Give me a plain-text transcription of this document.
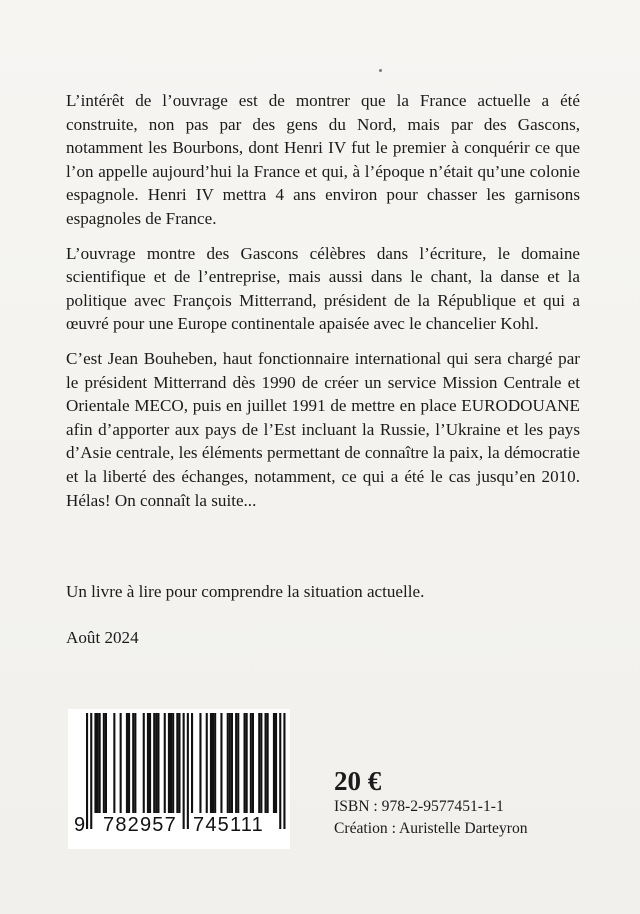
L’intérêt de l’ouvrage est de montrer que la France actuelle a été construite, non pas par des gens du Nord, mais par des Gascons, notamment les Bourbons, dont Henri IV fut le premier à conquérir ce que l’on appelle aujourd’hui la France et qui, à l’époque n’était qu’une colonie espagnole. Henri IV mettra 4 ans environ pour chasser les garnisons espagnoles de France.

L’ouvrage montre des Gascons célèbres dans l’écriture, le domaine scientifique et de l’entreprise, mais aussi dans le chant, la danse et la politique avec François Mitterrand, président de la République et qui a œuvré pour une Europe continentale apaisée avec le chancelier Kohl.

C’est Jean Bouheben, haut fonctionnaire international qui sera chargé par le président Mitterrand dès 1990 de créer un service Mission Centrale et Orientale MECO, puis en juillet 1991 de mettre en place EURODOUANE afin d’apporter aux pays de l’Est incluant la Russie, l’Ukraine et les pays d’Asie centrale, les éléments permettant de connaître la paix, la démocratie et la liberté des échanges, notamment, ce qui a été le cas jusqu’en 2010. Hélas! On connaît la suite...

Un livre à lire pour comprendre la situation actuelle.

Août 2024

9 782957 745111

20 €

ISBN : 978-2-9577451-1-1

Création : Auristelle Darteyron
